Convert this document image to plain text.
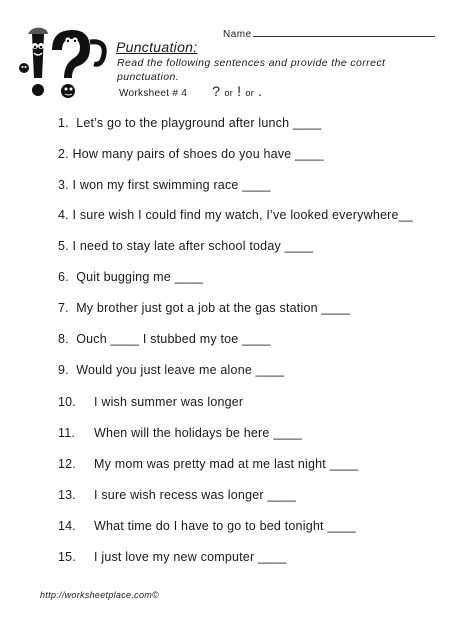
Name
Punctuation:
Read the following sentences and provide the correct punctuation.
Worksheet # 4 ? or ! or .
1. Let’s go to the playground after lunch ____
2. How many pairs of shoes do you have ____
3. I won my first swimming race ____
4. I sure wish I could find my watch, I’ve looked everywhere__
5. I need to stay late after school today ____
6. Quit bugging me ____
7. My brother just got a job at the gas station ____
8. Ouch ____ I stubbed my toe ____
9. Would you just leave me alone ____
10. I wish summer was longer
11. When will the holidays be here ____
12. My mom was pretty mad at me last night ____
13. I sure wish recess was longer ____
14. What time do I have to go to bed tonight ____
15. I just love my new computer ____
http://worksheetplace.com©
